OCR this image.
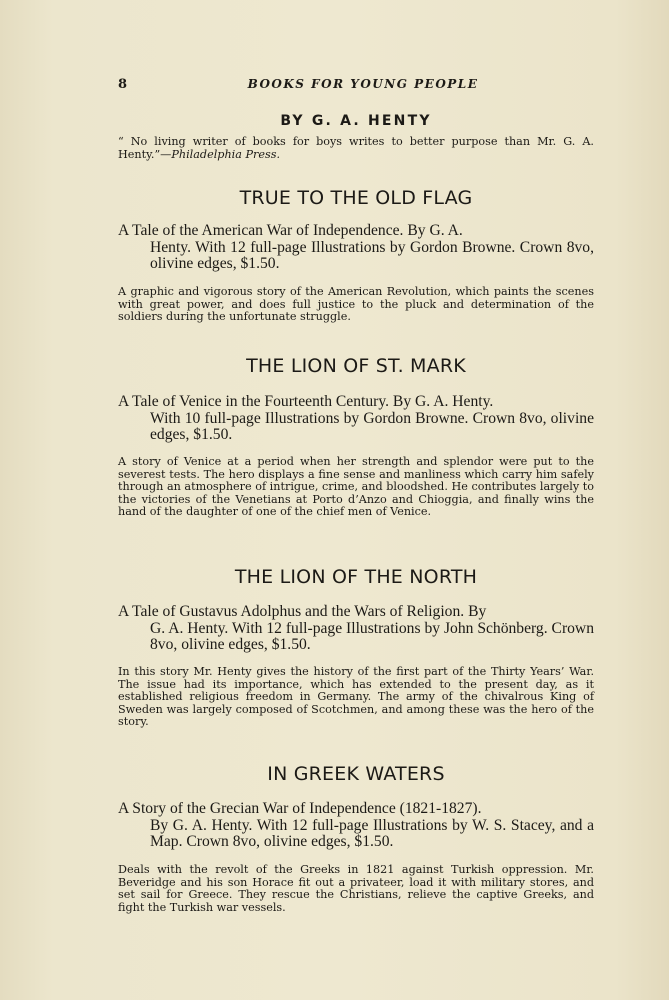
8	BOOKS FOR YOUNG PEOPLE
BY G. A. HENTY
“ No living writer of books for boys writes to better purpose than Mr. G. A. Henty.”—Philadelphia Press.
TRUE TO THE OLD FLAG
A Tale of the American War of Independence. By G. A.
Henty. With 12 full-page Illustrations by Gordon Browne. Crown 8vo, olivine edges, $1.50.
A graphic and vigorous story of the American Revolution, which paints the scenes with great power, and does full justice to the pluck and determination of the soldiers during the unfortunate struggle.
THE LION OF ST. MARK
A Tale of Venice in the Fourteenth Century. By G. A. Henty.
With 10 full-page Illustrations by Gordon Browne. Crown 8vo, olivine edges, $1.50.
A story of Venice at a period when her strength and splendor were put to the severest tests. The hero displays a fine sense and manliness which carry him safely through an atmosphere of intrigue, crime, and bloodshed. He contributes largely to the victories of the Venetians at Porto d’Anzo and Chioggia, and finally wins the hand of the daughter of one of the chief men of Venice.
THE LION OF THE NORTH
A Tale of Gustavus Adolphus and the Wars of Religion. By
G. A. Henty. With 12 full-page Illustrations by John Schönberg. Crown 8vo, olivine edges, $1.50.
In this story Mr. Henty gives the history of the first part of the Thirty Years’ War. The issue had its importance, which has extended to the present day, as it established religious freedom in Germany. The army of the chivalrous King of Sweden was largely composed of Scotchmen, and among these was the hero of the story.
IN GREEK WATERS
A Story of the Grecian War of Independence (1821-1827).
By G. A. Henty. With 12 full-page Illustrations by W. S. Stacey, and a Map. Crown 8vo, olivine edges, $1.50.
Deals with the revolt of the Greeks in 1821 against Turkish oppression. Mr. Beveridge and his son Horace fit out a privateer, load it with military stores, and set sail for Greece. They rescue the Christians, relieve the captive Greeks, and fight the Turkish war vessels.
